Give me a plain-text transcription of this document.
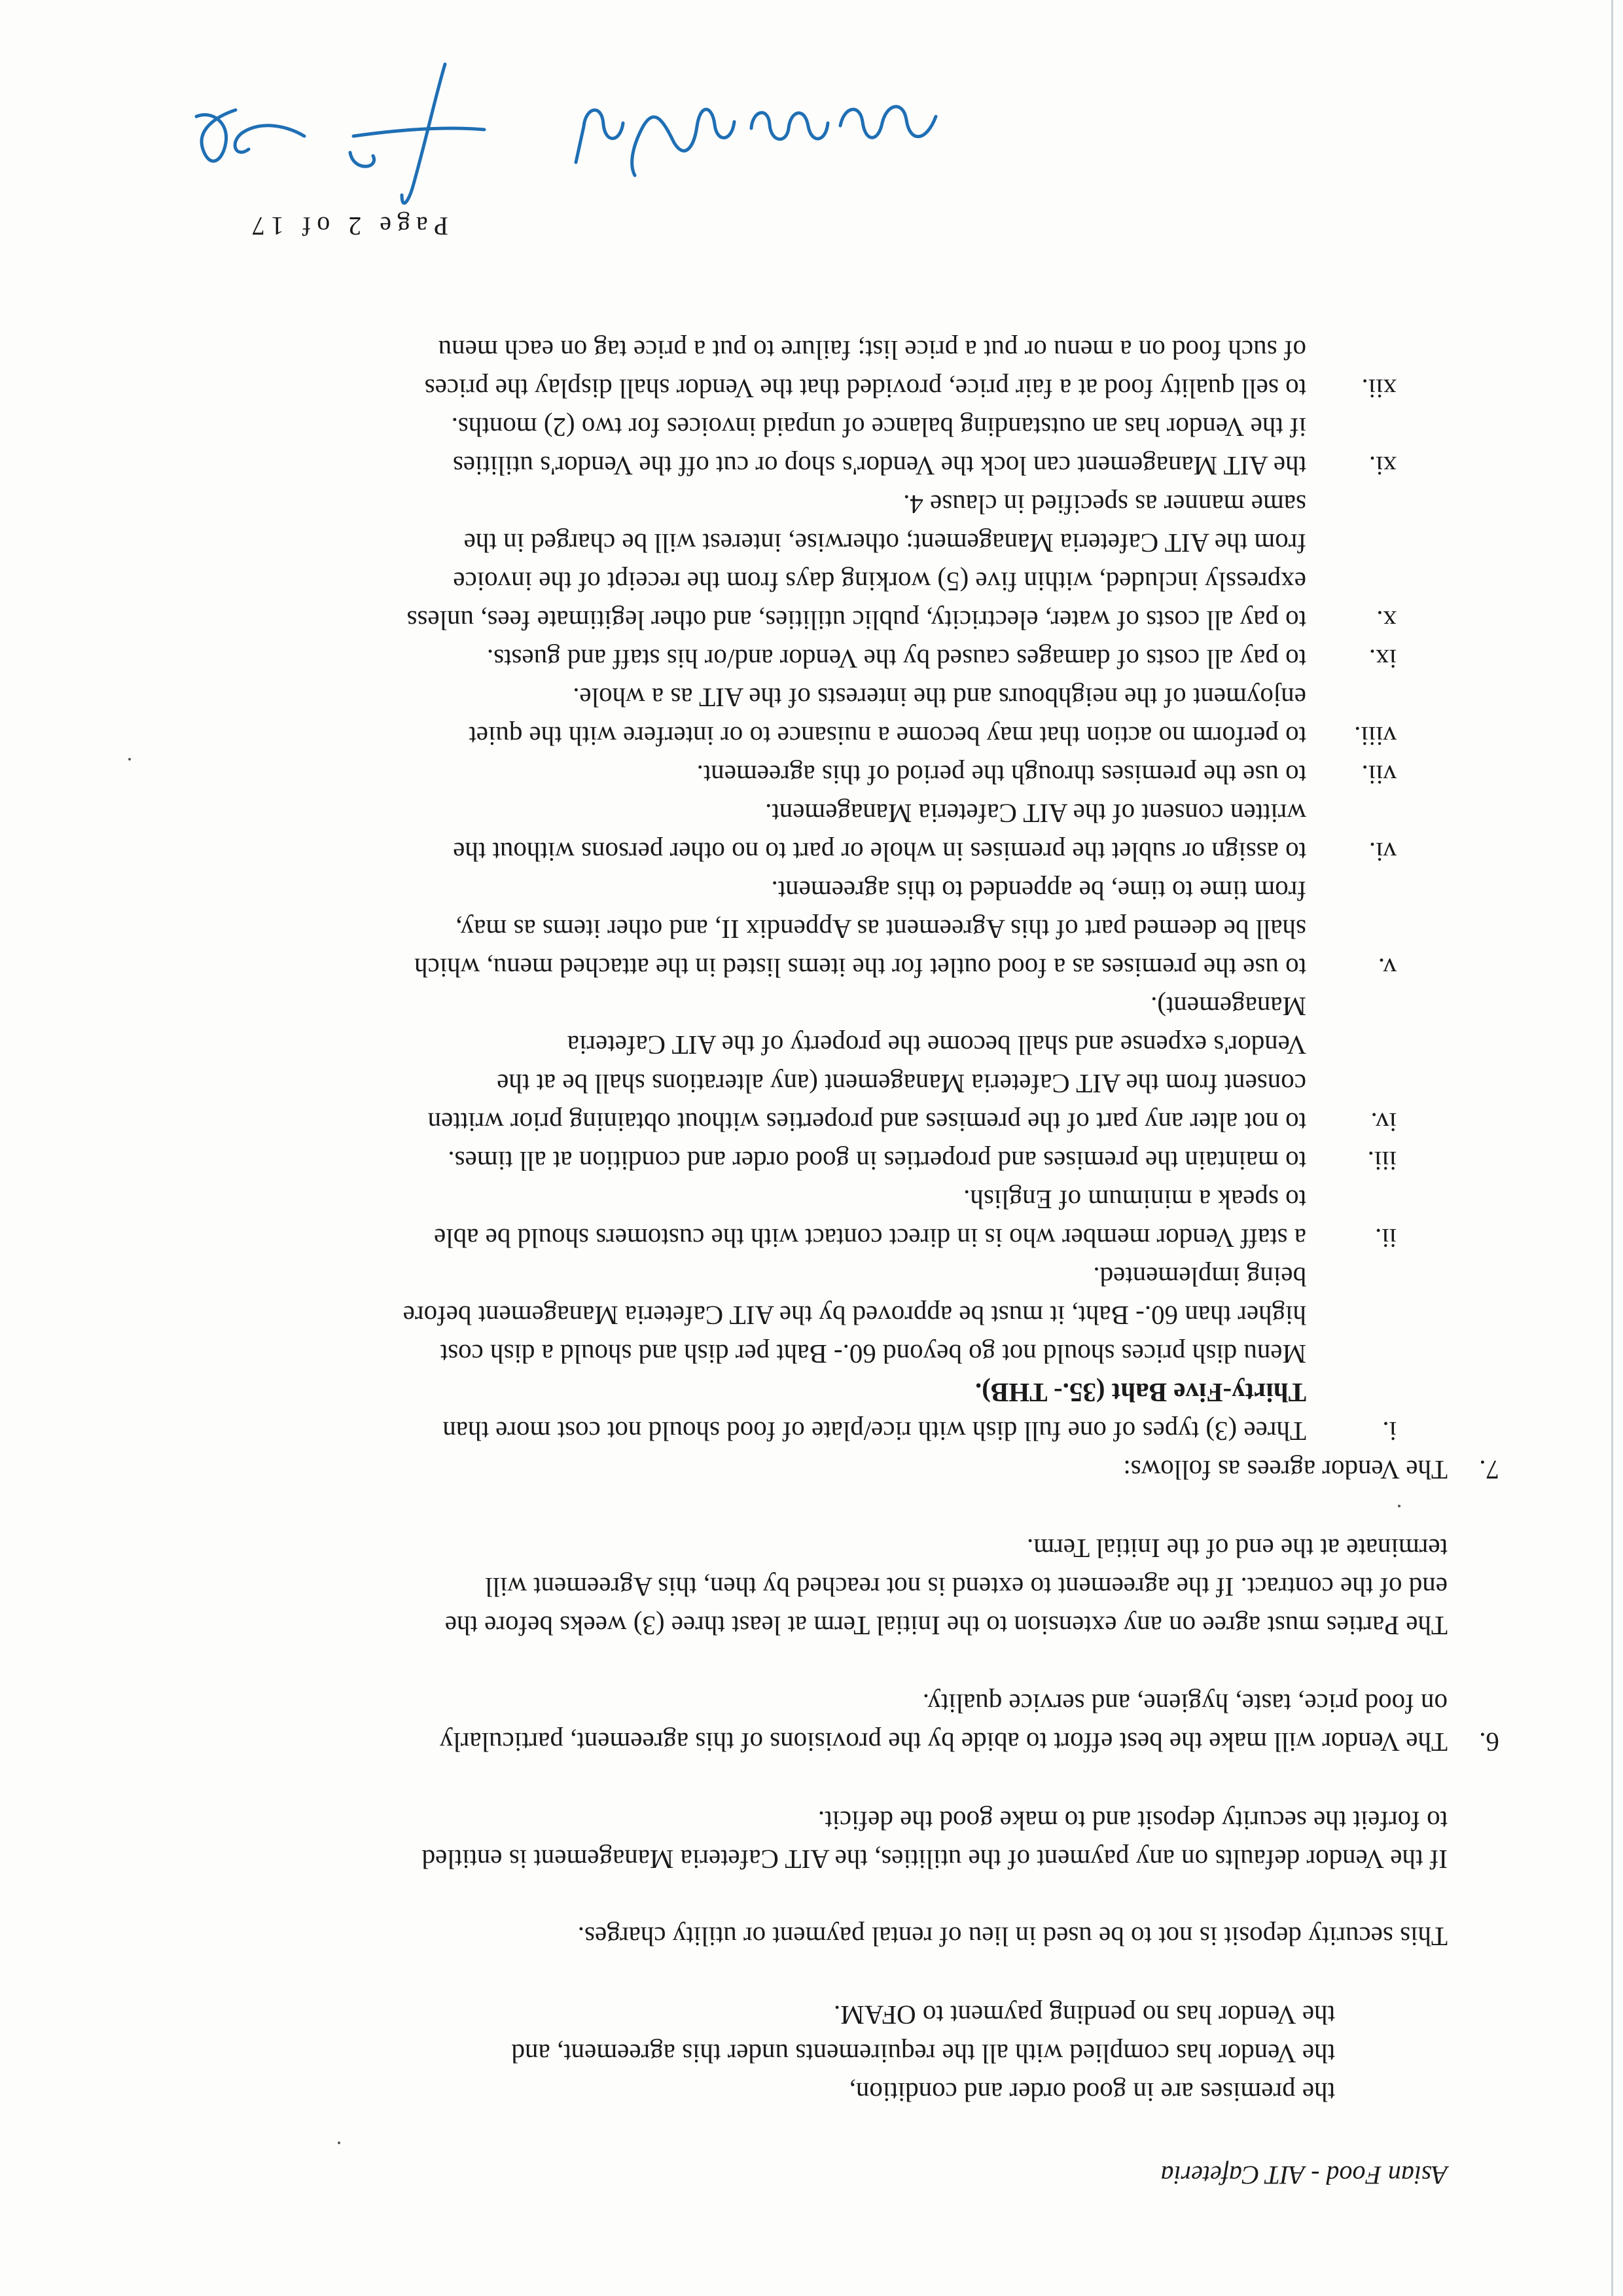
Asian Food - AIT Cafeteria
the premises are in good order and condition,
the Vendor has complied with all the requirements under this agreement, and
the Vendor has no pending payment to OFAM.
This security deposit is not to be used in lieu of rental payment or utility charges.
If the Vendor defaults on any payment of the utilities, the AIT Cafeteria Management is entitled
to forfeit the security deposit and to make good the deficit.
6.
The Vendor will make the best effort to abide by the provisions of this agreement, particularly
on food price, taste, hygiene, and service quality.
The Parties must agree on any extension to the Initial Term at least three (3) weeks before the
end of the contract. If the agreement to extend is not reached by then, this Agreement will
terminate at the end of the Initial Term.
7.
The Vendor agrees as follows:
i.
Three (3) types of one full dish with rice/plate of food should not cost more than
Thirty-Five Baht (35.- THB).
Menu dish prices should not go beyond 60.- Baht per dish and should a dish cost
higher than 60.- Baht, it must be approved by the AIT Cafeteria Management before
being implemented.
ii.
a staff Vendor member who is in direct contact with the customers should be able
to speak a minimum of English.
iii.
to maintain the premises and properties in good order and condition at all times.
iv.
to not alter any part of the premises and properties without obtaining prior written
consent from the AIT Cafeteria Management (any alterations shall be at the
Vendor's expense and shall become the property of the AIT Cafeteria
Management).
v.
to use the premises as a food outlet for the items listed in the attached menu, which
shall be deemed part of this Agreement as Appendix II, and other items as may,
from time to time, be appended to this agreement.
vi.
to assign or sublet the premises in whole or part to no other persons without the
written consent of the AIT Cafeteria Management.
vii.
to use the premises through the period of this agreement.
viii.
to perform no action that may become a nuisance to or interfere with the quiet
enjoyment of the neighbours and the interests of the AIT as a whole.
ix.
to pay all costs of damages caused by the Vendor and/or his staff and guests.
x.
to pay all costs of water, electricity, public utilities, and other legitimate fees, unless
expressly included, within five (5) working days from the receipt of the invoice
from the AIT Cafeteria Management; otherwise, interest will be charged in the
same manner as specified in clause 4.
xi.
the AIT Management can lock the Vendor's shop or cut off the Vendor's utilities
if the Vendor has an outstanding balance of unpaid invoices for two (2) months.
xii.
to sell quality food at a fair price, provided that the Vendor shall display the prices
of such food on a menu or put a price list; failure to put a price tag on each menu
Page 2 of 17
